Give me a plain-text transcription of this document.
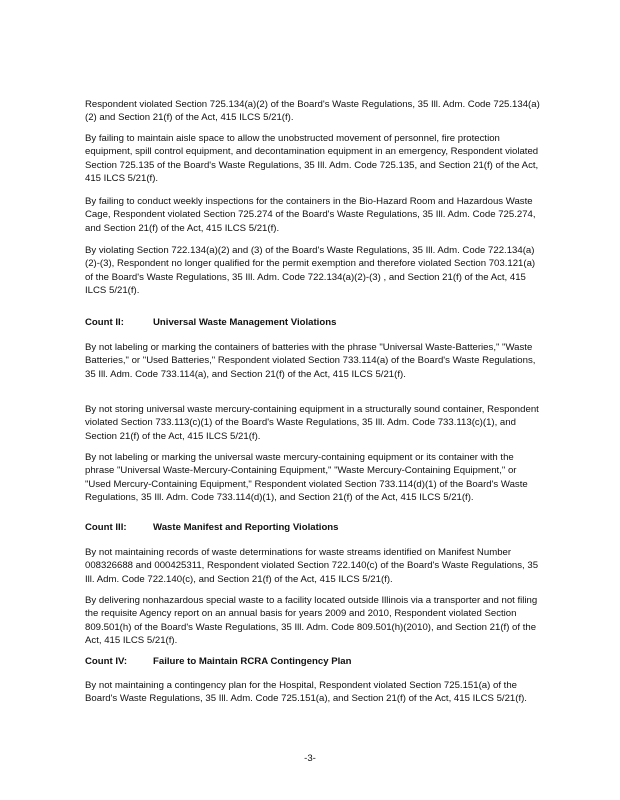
Respondent violated Section 725.134(a)(2) of the Board's Waste Regulations, 35 Ill. Adm. Code 725.134(a)(2) and Section 21(f) of the Act, 415 ILCS 5/21(f).

By failing to maintain aisle space to allow the unobstructed movement of personnel, fire protection equipment, spill control equipment, and decontamination equipment in an emergency, Respondent violated Section 725.135 of the Board's Waste Regulations, 35 Ill. Adm. Code 725.135, and Section 21(f) of the Act, 415 ILCS 5/21(f).

By failing to conduct weekly inspections for the containers in the Bio-Hazard Room and Hazardous Waste Cage, Respondent violated Section 725.274 of the Board's Waste Regulations, 35 Ill. Adm. Code 725.274, and Section 21(f) of the Act, 415 ILCS 5/21(f).

By violating Section 722.134(a)(2) and (3) of the Board's Waste Regulations, 35 Ill. Adm. Code 722.134(a)(2)-(3), Respondent no longer qualified for the permit exemption and therefore violated Section 703.121(a) of the Board's Waste Regulations, 35 Ill. Adm. Code 722.134(a)(2)-(3) , and Section 21(f) of the Act, 415 ILCS 5/21(f).

Count II:	Universal Waste Management Violations

By not labeling or marking the containers of batteries with the phrase "Universal Waste-Batteries," "Waste Batteries," or "Used Batteries," Respondent violated Section 733.114(a) of the Board's Waste Regulations, 35 Ill. Adm. Code 733.114(a), and Section 21(f) of the Act, 415 ILCS 5/21(f).

By not storing universal waste mercury-containing equipment in a structurally sound container, Respondent violated Section 733.113(c)(1) of the Board's Waste Regulations, 35 Ill. Adm. Code 733.113(c)(1), and Section 21(f) of the Act, 415 ILCS 5/21(f).

By not labeling or marking the universal waste mercury-containing equipment or its container with the phrase "Universal Waste-Mercury-Containing Equipment," "Waste Mercury-Containing Equipment," or "Used Mercury-Containing Equipment," Respondent violated Section 733.114(d)(1) of the Board's Waste Regulations, 35 Ill. Adm. Code 733.114(d)(1), and Section 21(f) of the Act, 415 ILCS 5/21(f).

Count III:	Waste Manifest and Reporting Violations

By not maintaining records of waste determinations for waste streams identified on Manifest Number 008326688 and 000425311, Respondent violated Section 722.140(c) of the Board's Waste Regulations, 35 Ill. Adm. Code 722.140(c), and Section 21(f) of the Act, 415 ILCS 5/21(f).

By delivering nonhazardous special waste to a facility located outside Illinois via a transporter and not filing the requisite Agency report on an annual basis for years 2009 and 2010, Respondent violated Section 809.501(h) of the Board's Waste Regulations, 35 Ill. Adm. Code 809.501(h)(2010), and Section 21(f) of the Act, 415 ILCS 5/21(f).

Count IV:	Failure to Maintain RCRA Contingency Plan

By not maintaining a contingency plan for the Hospital, Respondent violated Section 725.151(a) of the Board's Waste Regulations, 35 Ill. Adm. Code 725.151(a), and Section 21(f) of the Act, 415 ILCS 5/21(f).

-3-
